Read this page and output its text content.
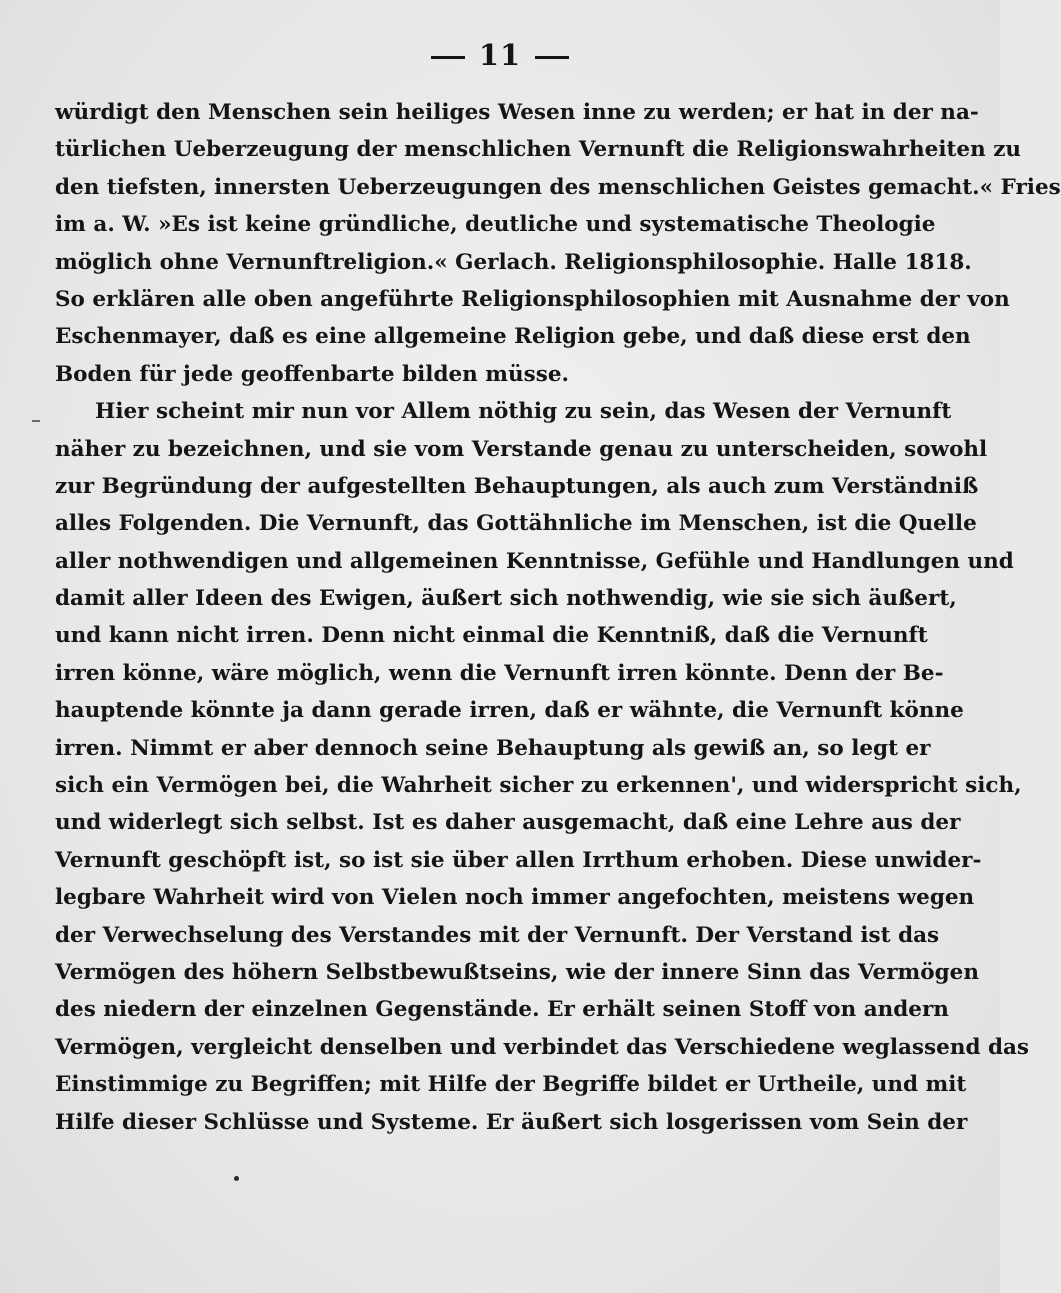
11
würdigt den Menschen sein heiliges Wesen inne zu werden; er hat in der na-
türlichen Ueberzeugung der menschlichen Vernunft die Religionswahrheiten zu
den tiefsten, innersten Ueberzeugungen des menschlichen Geistes gemacht.« Fries
im a. W. »Es ist keine gründliche, deutliche und systematische Theologie
möglich ohne Vernunftreligion.« Gerlach. Religionsphilosophie. Halle 1818.
So erklären alle oben angeführte Religionsphilosophien mit Ausnahme der von
Eschenmayer, daß es eine allgemeine Religion gebe, und daß diese erst den
Boden für jede geoffenbarte bilden müsse.
Hier scheint mir nun vor Allem nöthig zu sein, das Wesen der Vernunft
näher zu bezeichnen, und sie vom Verstande genau zu unterscheiden, sowohl
zur Begründung der aufgestellten Behauptungen, als auch zum Verständniß
alles Folgenden. Die Vernunft, das Gottähnliche im Menschen, ist die Quelle
aller nothwendigen und allgemeinen Kenntnisse, Gefühle und Handlungen und
damit aller Ideen des Ewigen, äußert sich nothwendig, wie sie sich äußert,
und kann nicht irren. Denn nicht einmal die Kenntniß, daß die Vernunft
irren könne, wäre möglich, wenn die Vernunft irren könnte. Denn der Be-
hauptende könnte ja dann gerade irren, daß er wähnte, die Vernunft könne
irren. Nimmt er aber dennoch seine Behauptung als gewiß an, so legt er
sich ein Vermögen bei, die Wahrheit sicher zu erkennen', und widerspricht sich,
und widerlegt sich selbst. Ist es daher ausgemacht, daß eine Lehre aus der
Vernunft geschöpft ist, so ist sie über allen Irrthum erhoben. Diese unwider-
legbare Wahrheit wird von Vielen noch immer angefochten, meistens wegen
der Verwechselung des Verstandes mit der Vernunft. Der Verstand ist das
Vermögen des höhern Selbstbewußtseins, wie der innere Sinn das Vermögen
des niedern der einzelnen Gegenstände. Er erhält seinen Stoff von andern
Vermögen, vergleicht denselben und verbindet das Verschiedene weglassend das
Einstimmige zu Begriffen; mit Hilfe der Begriffe bildet er Urtheile, und mit
Hilfe dieser Schlüsse und Systeme. Er äußert sich losgerissen vom Sein der
